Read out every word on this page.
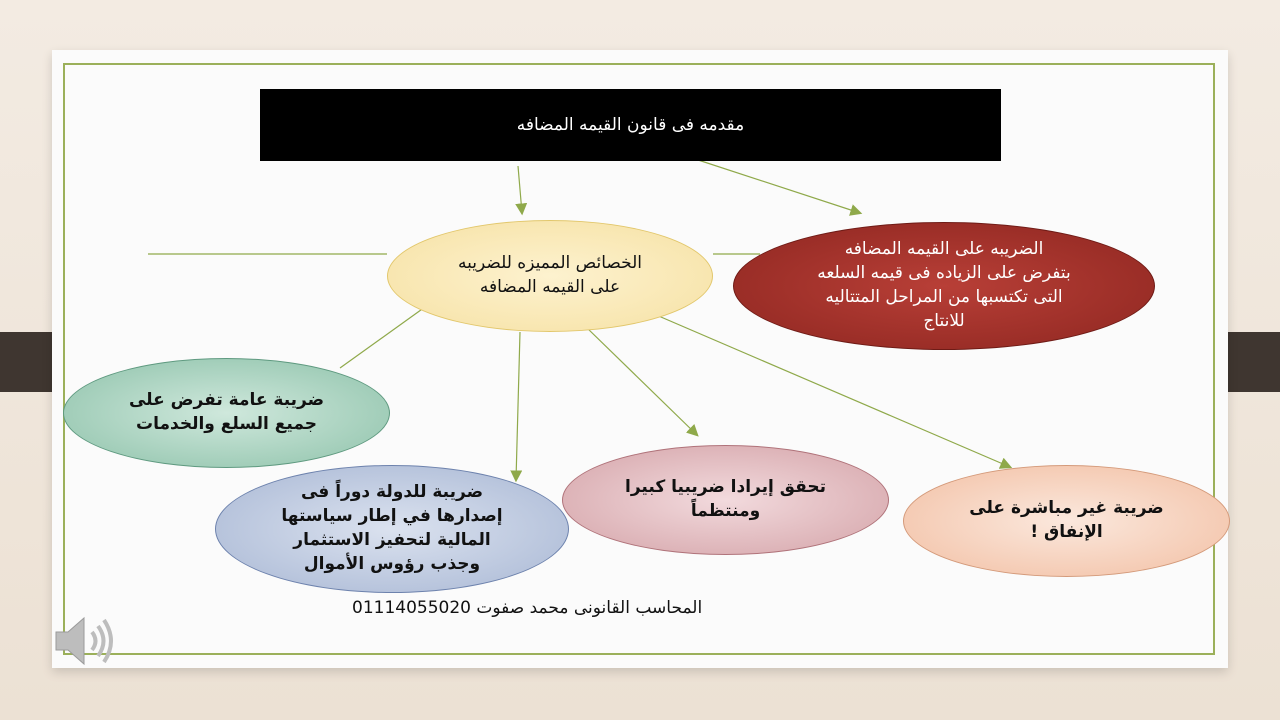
مقدمه فى قانون القيمه المضافه
الخصائص المميزه للضريبه
على القيمه المضافه
الضريبه على القيمه المضافه
بتفرض على الزياده فى قيمه السلعه
التى تكتسبها من المراحل المتتاليه
للانتاج
ضريبة عامة تفرض على
جميع السلع والخدمات
ضريبة للدولة دوراً فى
إصدارها في إطار سياستها
المالية لتحفيز الاستثمار
وجذب رؤوس الأموال
تحقق إيرادا ضريبيا كبيرا
ومنتظماً	ضريبة غير مباشرة على
الإنفاق !
المحاسب القانونى محمد صفوت 01114055020
